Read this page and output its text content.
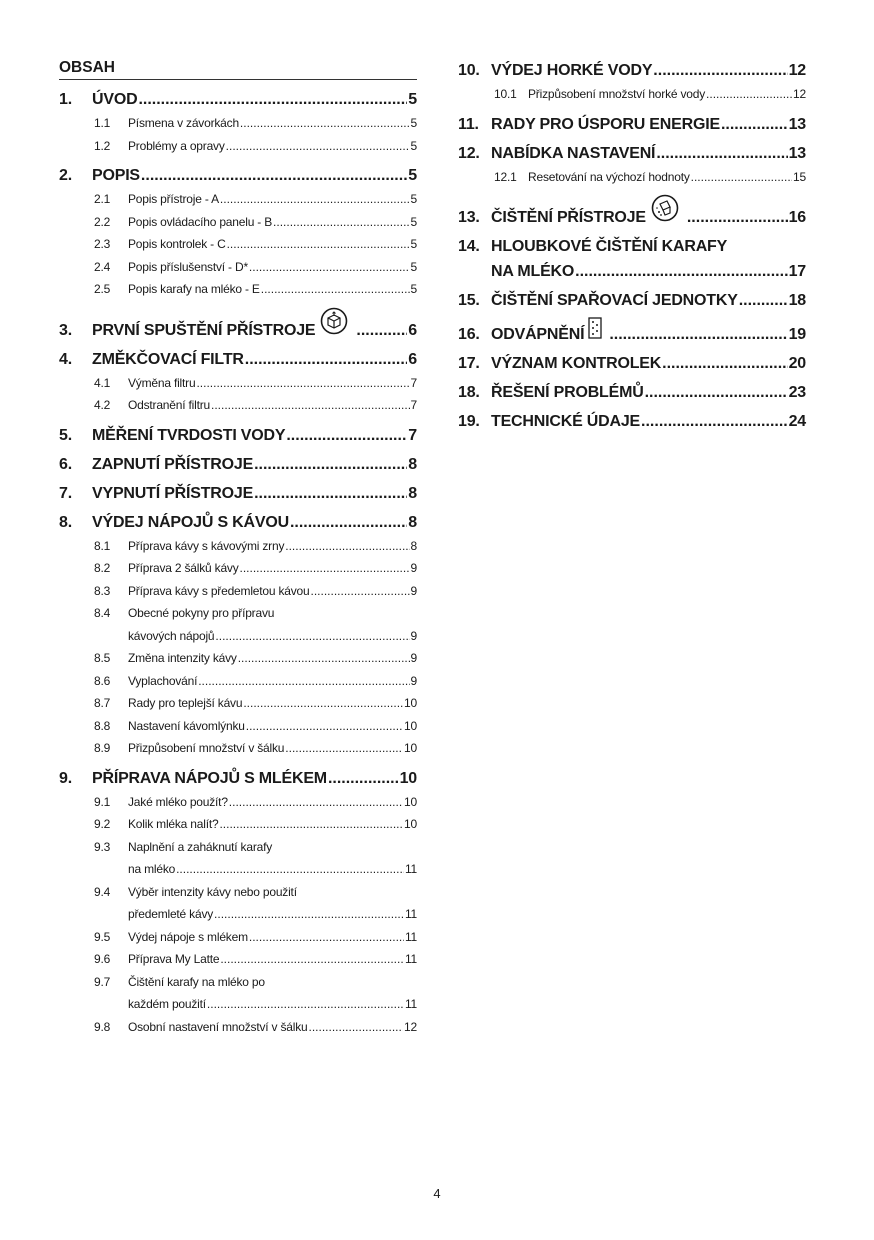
OBSAH
1.	ÚVOD .....	5
1.1	Písmena v závorkách .....	5
1.2	Problémy a opravy .....	5
2.	POPIS .....	5
2.1	Popis přístroje - A .....	5
2.2	Popis ovládacího panelu - B .....	5
2.3	Popis kontrolek - C .....	5
2.4	Popis příslušenství - D* .....	5
2.5	Popis karafy na mléko - E .....	5
3.	PRVNÍ SPUŠTĚNÍ PŘÍSTROJE .....	6
4.	ZMĚKČOVACÍ FILTR .....	6
4.1	Výměna filtru .....	7
4.2	Odstranění filtru .....	7
5.	MĚŘENÍ TVRDOSTI VODY .....	7
6.	ZAPNUTÍ PŘÍSTROJE .....	8
7.	VYPNUTÍ PŘÍSTROJE .....	8
8.	VÝDEJ NÁPOJŮ S KÁVOU .....	8
8.1	Příprava kávy s kávovými zrny .....	8
8.2	Příprava 2 šálků kávy .....	9
8.3	Příprava kávy s předemletou kávou .....	9
8.4	Obecné pokyny pro přípravu
kávových nápojů .....	9
8.5	Změna intenzity kávy .....	9
8.6	Vyplachování .....	9
8.7	Rady pro teplejší kávu .....	10
8.8	Nastavení kávomlýnku .....	10
8.9	Přizpůsobení množství v šálku .....	10
9.	PŘÍPRAVA NÁPOJŮ S MLÉKEM .....	10
9.1	Jaké mléko použít? .....	10
9.2	Kolik mléka nalít? .....	10
9.3	Naplnění a zaháknutí karafy
na mléko .....	11
9.4	Výběr intenzity kávy nebo použití
předemleté kávy .....	11
9.5	Výdej nápoje s mlékem .....	11
9.6	Příprava My Latte .....	11
9.7	Čištění karafy na mléko po
každém použití .....	11
9.8	Osobní nastavení množství v šálku .....	12
10. VÝDEJ HORKÉ VODY .....	12
10.1 Přizpůsobení množství horké vody .....	12
11. RADY PRO ÚSPORU ENERGIE .....	13
12. NABÍDKA NASTAVENÍ .....	13
12.1 Resetování na výchozí hodnoty .....	15
13. ČIŠTĚNÍ PŘÍSTROJE .....	16
14. HLOUBKOVÉ ČIŠTĚNÍ KARAFY
NA MLÉKO .....	17
15. ČIŠTĚNÍ SPAŘOVACÍ JEDNOTKY .....	18
16. ODVÁPNĚNÍ .....	19
17. VÝZNAM KONTROLEK .....	20
18. ŘEŠENÍ PROBLÉMŮ .....	23
19. TECHNICKÉ ÚDAJE .....	24
4
